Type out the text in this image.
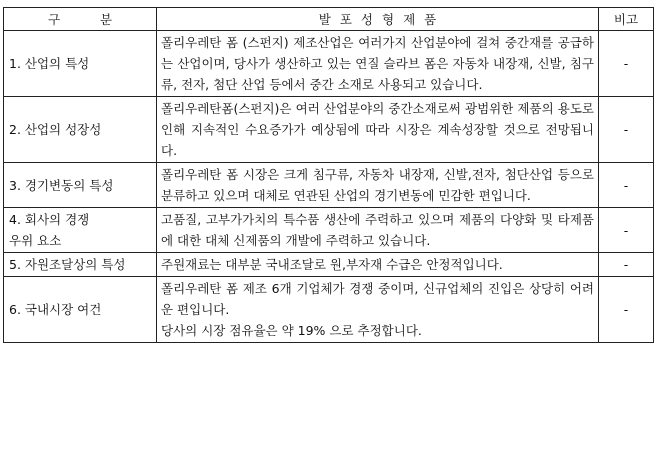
구 분	발포성형제품	비고
1. 산업의 특성	폴리우레탄 폼 (스펀지) 제조산업은 여러가지 산업분야에 걸쳐 중간재를 공급하는 산업이며, 당사가 생산하고 있는 연질 슬라브 폼은 자동차 내장재, 신발, 침구류, 전자, 첨단 산업 등에서 중간 소재로 사용되고 있습니다.	-
2. 산업의 성장성	폴리우레탄폼(스펀지)은 여러 산업분야의 중간소재로써 광범위한 제품의 용도로 인해 지속적인 수요증가가 예상됨에 따라 시장은 계속성장할 것으로 전망됩니다.	-
3. 경기변동의 특성	폴리우레탄 폼 시장은 크게 침구류, 자동차 내장재, 신발,전자, 첨단산업 등으로 분류하고 있으며 대체로 연관된 산업의 경기변동에 민감한 편입니다.	-
4. 회사의 경쟁
우위 요소	고품질, 고부가가치의 특수품 생산에 주력하고 있으며 제품의 다양화 및 타제품에 대한 대체 신제품의 개발에 주력하고 있습니다.	-
5. 자원조달상의 특성	주원재료는 대부분 국내조달로 원,부자재 수급은 안정적입니다.	-
6. 국내시장 여건	폴리우레탄 폼 제조 6개 기업체가 경쟁 중이며, 신규업체의 진입은 상당히 어려운 편입니다.
당사의 시장 점유율은 약 19% 으로 추정합니다.	-
